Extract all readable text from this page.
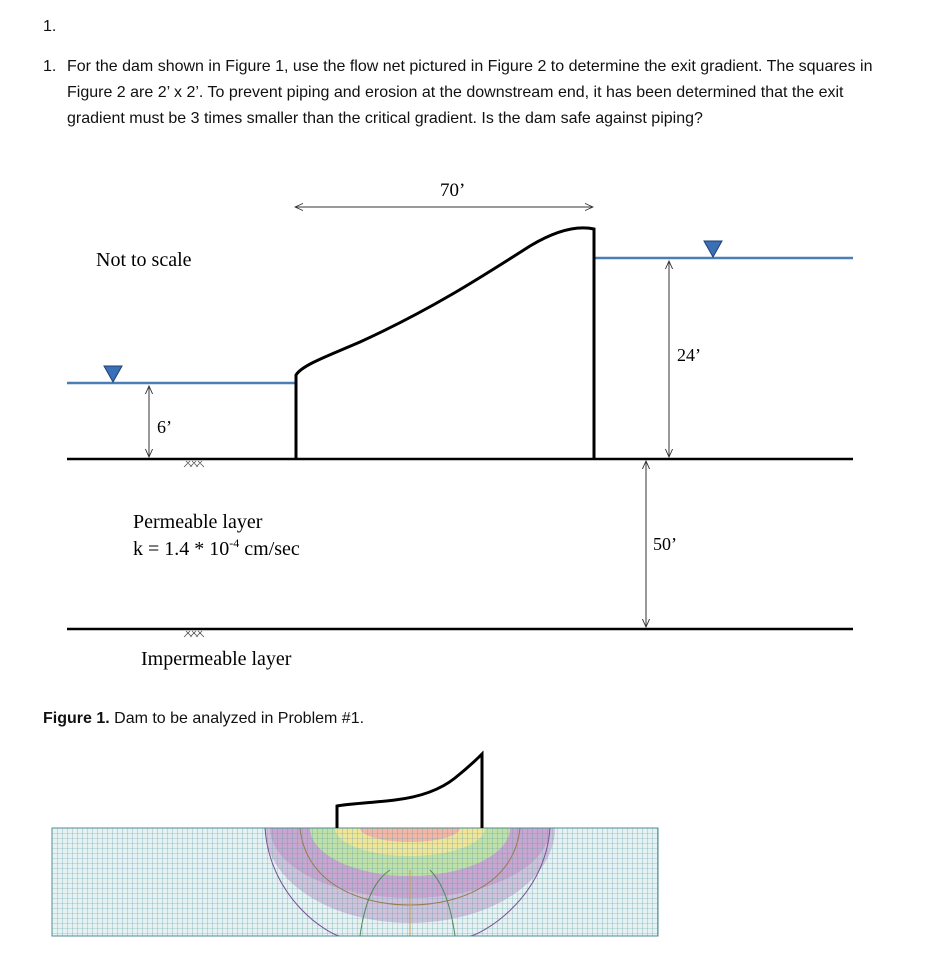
1.
1. For the dam shown in Figure 1, use the flow net pictured in Figure 2 to determine the exit gradient. The squares in Figure 2 are 2’ x 2’. To prevent piping and erosion at the downstream end, it has been determined that the exit gradient must be 3 times smaller than the critical gradient. Is the dam safe against piping?
70’
Not to scale
6’
24’
50’
Permeable layer
$k = 1.4 * 10^{-4}$ cm/sec
Impermeable layer
Figure 1. Dam to be analyzed in Problem #1.
